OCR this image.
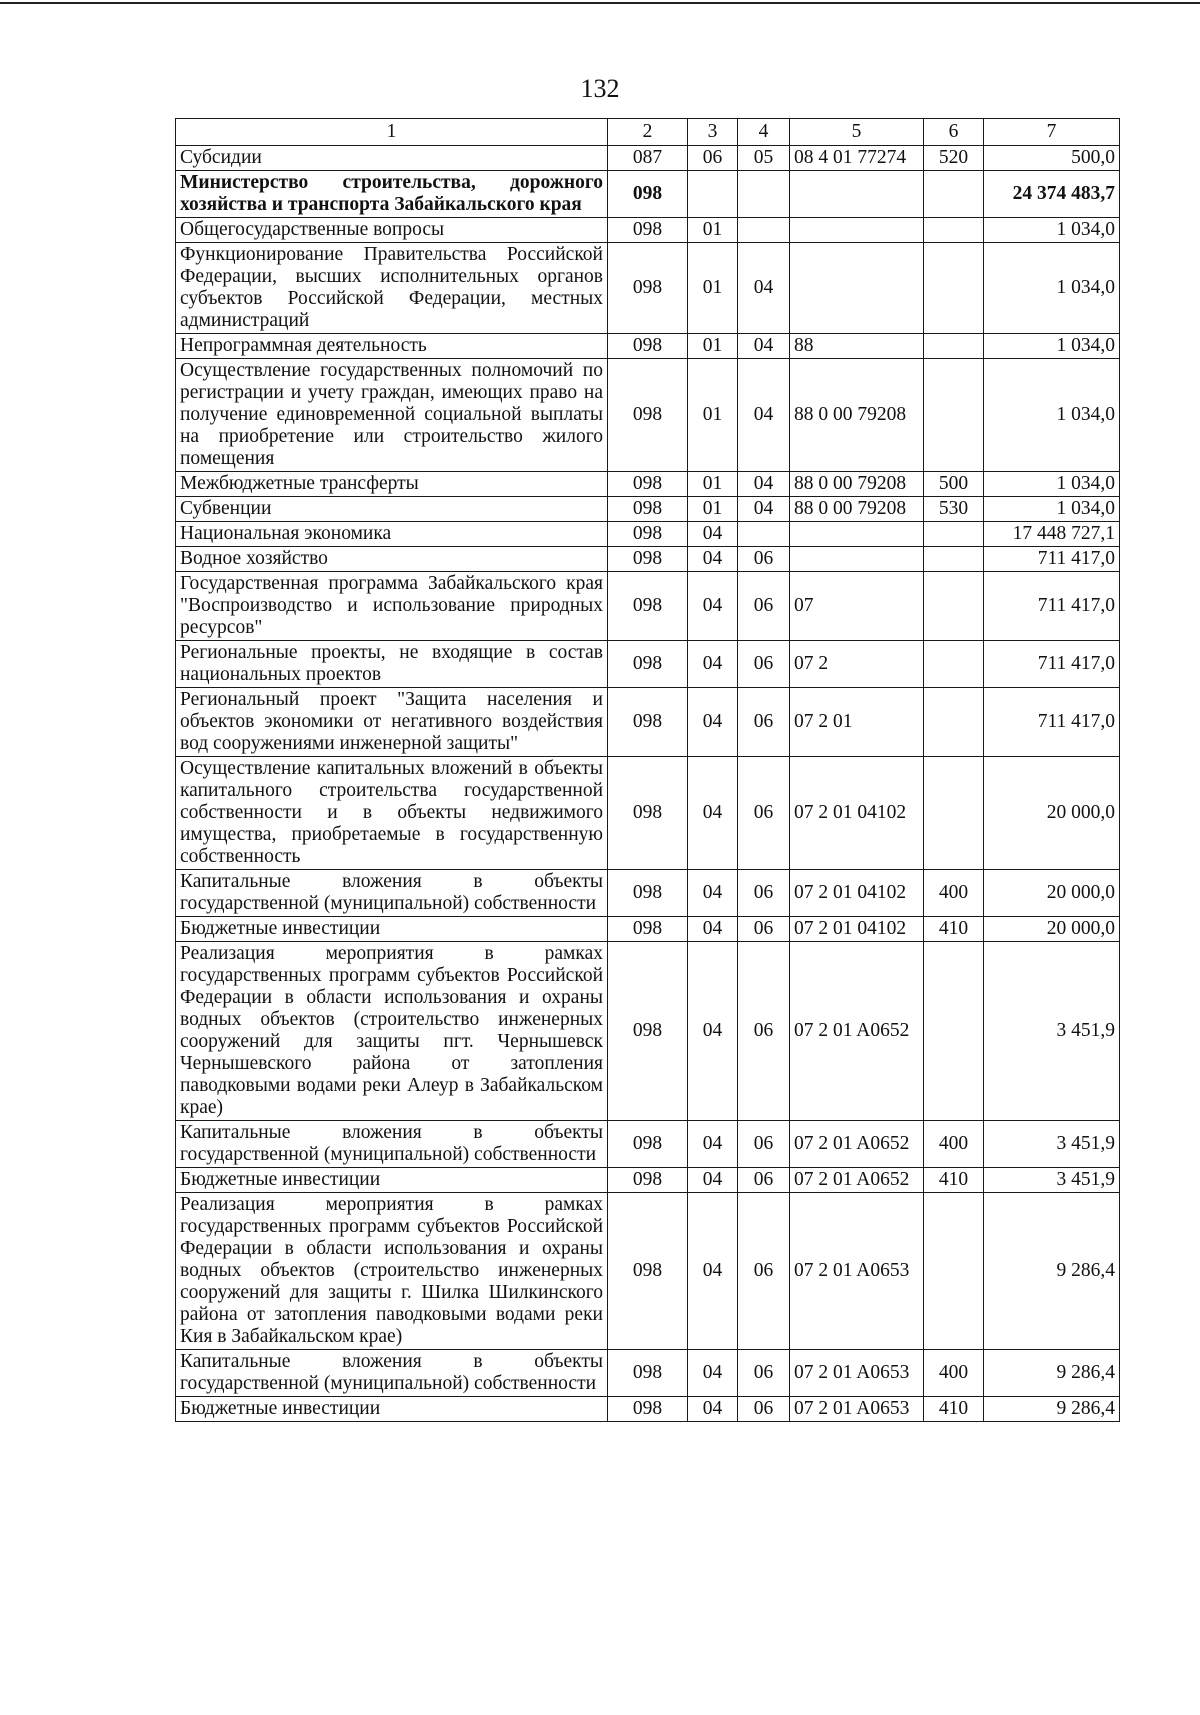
132
1	2	3	4	5	6	7
Субсидии	087	06	05	08 4 01 77274	520	500,0
Министерство строительства, дорожного хозяйства и транспорта Забайкальского края	098					24 374 483,7
Общегосударственные вопросы	098	01				1 034,0
Функционирование Правительства Российской Федерации, высших исполнительных органов субъектов Российской Федерации, местных администраций	098	01	04			1 034,0
Непрограммная деятельность	098	01	04	88		1 034,0
Осуществление государственных полномочий по регистрации и учету граждан, имеющих право на получение единовременной социальной выплаты на приобретение или строительство жилого помещения	098	01	04	88 0 00 79208		1 034,0
Межбюджетные трансферты	098	01	04	88 0 00 79208	500	1 034,0
Субвенции	098	01	04	88 0 00 79208	530	1 034,0
Национальная экономика	098	04				17 448 727,1
Водное хозяйство	098	04	06			711 417,0
Государственная программа Забайкальского края "Воспроизводство и использование природных ресурсов"	098	04	06	07		711 417,0
Региональные проекты, не входящие в состав национальных проектов	098	04	06	07 2		711 417,0
Региональный проект "Защита населения и объектов экономики от негативного воздействия вод сооружениями инженерной защиты"	098	04	06	07 2 01		711 417,0
Осуществление капитальных вложений в объекты капитального строительства государственной собственности и в объекты недвижимого имущества, приобретаемые в государственную собственность	098	04	06	07 2 01 04102		20 000,0
Капитальные вложения в объекты государственной (муниципальной) собственности	098	04	06	07 2 01 04102	400	20 000,0
Бюджетные инвестиции	098	04	06	07 2 01 04102	410	20 000,0
Реализация мероприятия в рамках государственных программ субъектов Российской Федерации в области использования и охраны водных объектов (строительство инженерных сооружений для защиты пгт. Чернышевск Чернышевского района от затопления паводковыми водами реки Алеур в Забайкальском крае)	098	04	06	07 2 01 A0652		3 451,9
Капитальные вложения в объекты государственной (муниципальной) собственности	098	04	06	07 2 01 A0652	400	3 451,9
Бюджетные инвестиции	098	04	06	07 2 01 A0652	410	3 451,9
Реализация мероприятия в рамках государственных программ субъектов Российской Федерации в области использования и охраны водных объектов (строительство инженерных сооружений для защиты г. Шилка Шилкинского района от затопления паводковыми водами реки Кия в Забайкальском крае)	098	04	06	07 2 01 A0653		9 286,4
Капитальные вложения в объекты государственной (муниципальной) собственности	098	04	06	07 2 01 A0653	400	9 286,4
Бюджетные инвестиции	098	04	06	07 2 01 A0653	410	9 286,4
